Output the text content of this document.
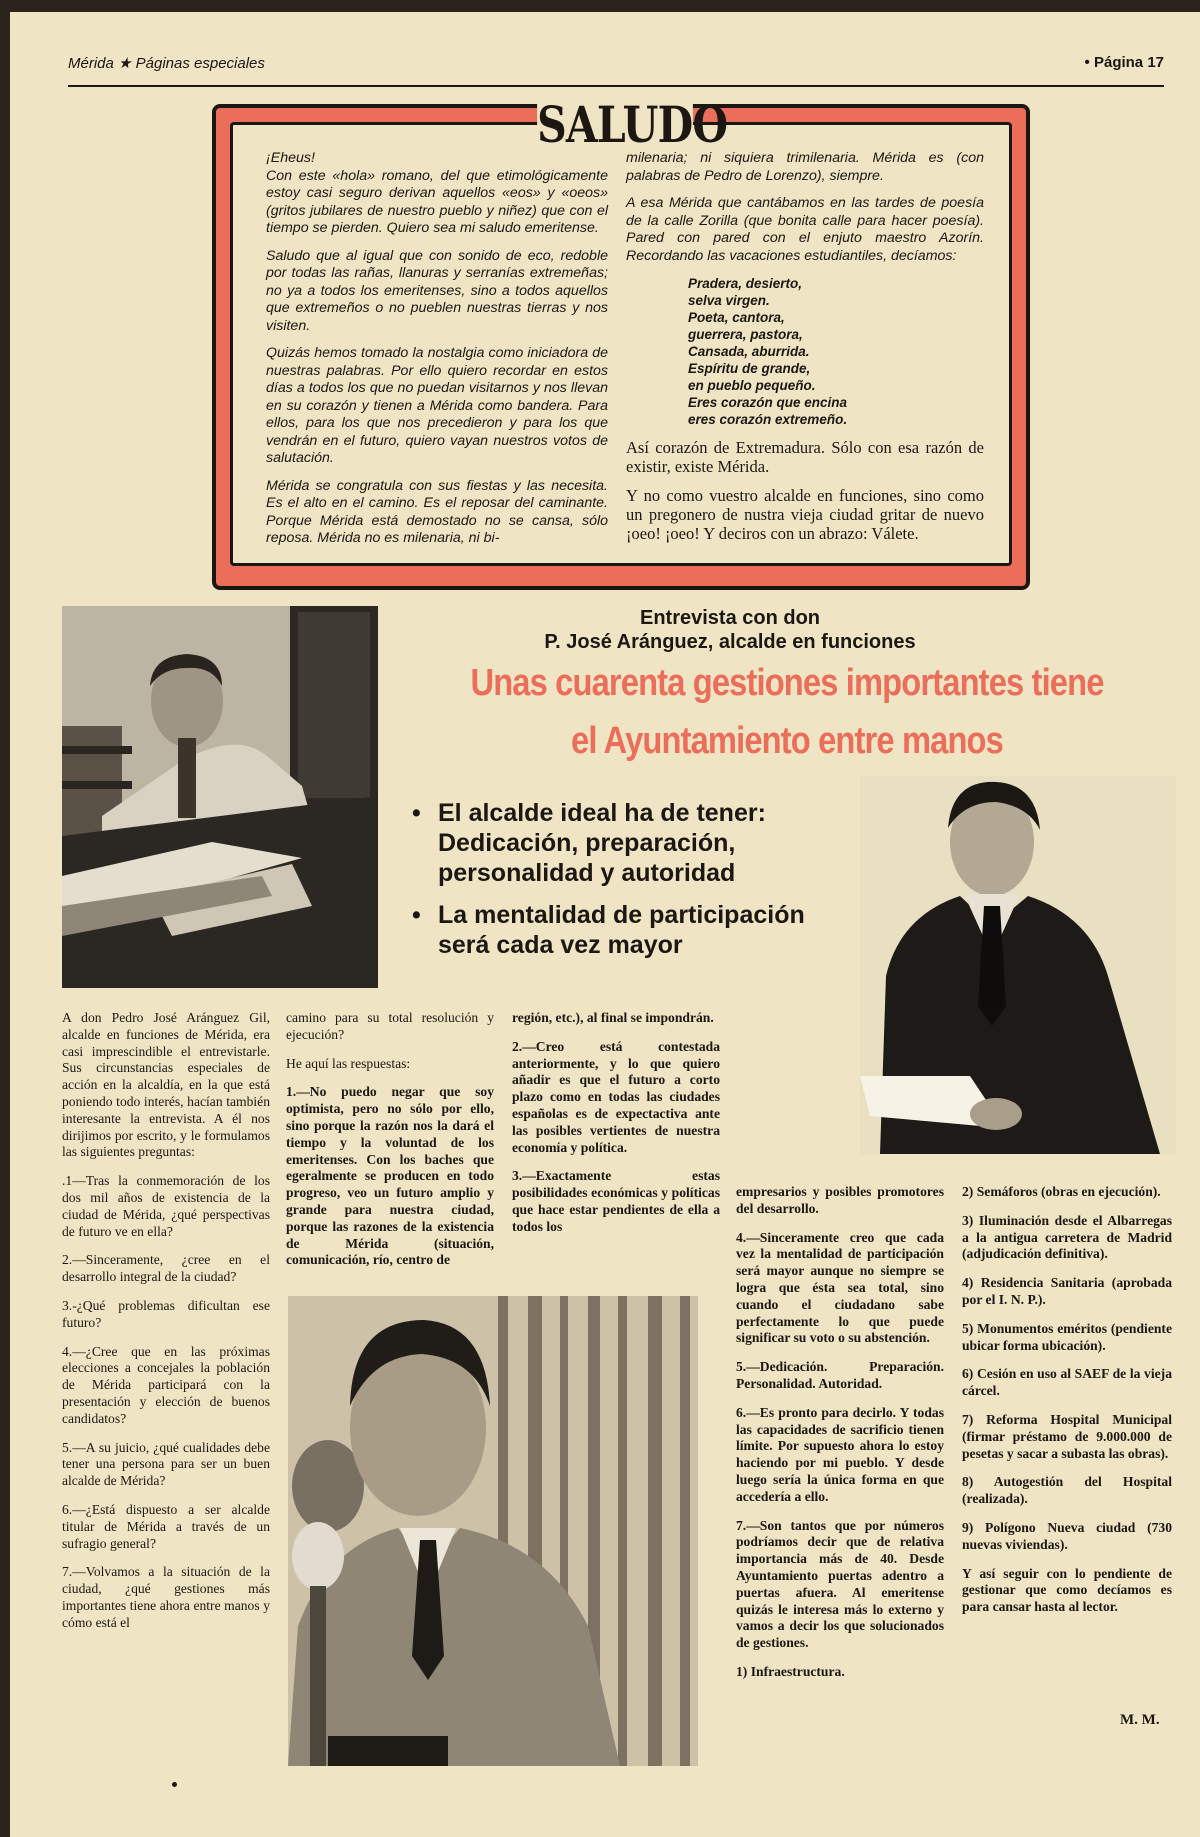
Mérida ★ Páginas especiales	• Página 17
SALUDO

¡Eheus!

Con este «hola» romano, del que etimológicamente estoy casi seguro derivan aquellos «eos» y «oeos» (gritos jubilares de nuestro pueblo y niñez) que con el tiempo se pierden. Quiero sea mi saludo emeritense.

Saludo que al igual que con sonido de eco, redoble por todas las rañas, llanuras y serranías extremeñas; no ya a todos los emeritenses, sino a todos aquellos que extremeños o no pueblen nuestras tierras y nos visiten.

Quizás hemos tomado la nostalgia como iniciadora de nuestras palabras. Por ello quiero recordar en estos días a todos los que no puedan visitarnos y nos llevan en su corazón y tienen a Mérida como bandera. Para ellos, para los que nos precedieron y para los que vendrán en el futuro, quiero vayan nuestros votos de salutación.

Mérida se congratula con sus fiestas y las necesita. Es el alto en el camino. Es el reposar del caminante. Porque Mérida está demostado no se cansa, sólo reposa. Mérida no es milenaria, ni bi-

milenaria; ni siquiera trimilenaria. Mérida es (con palabras de Pedro de Lorenzo), siempre.

A esa Mérida que cantábamos en las tardes de poesía de la calle Zorilla (que bonita calle para hacer poesía). Pared con pared con el enjuto maestro Azorín. Recordando las vacaciones estudiantiles, decíamos:

Pradera, desierto,
selva virgen.
Poeta, cantora,
guerrera, pastora,
Cansada, aburrida.
Espíritu de grande,
en pueblo pequeño.
Eres corazón que encina
eres corazón extremeño.

Así corazón de Extremadura. Sólo con esa razón de existir, existe Mérida.

Y no como vuestro alcalde en funciones, sino como un pregonero de nustra vieja ciudad gritar de nuevo ¡oeo! ¡oeo! Y deciros con un abrazo: Válete.

Entrevista con don
P. José Aránguez, alcalde en funciones
Unas cuarenta gestiones importantes tiene
el Ayuntamiento entre manos
• El alcalde ideal ha de tener: Dedicación, preparación, personalidad y autoridad
• La mentalidad de participación será cada vez mayor

A don Pedro José Aránguez Gil, alcalde en funciones de Mérida, era casi imprescindible el entrevistarle. Sus circunstancias especiales de acción en la alcaldía, en la que está poniendo todo interés, hacían también interesante la entrevista. A él nos dirijimos por escrito, y le formulamos las siguientes preguntas:

.1—Tras la conmemoración de los dos mil años de existencia de la ciudad de Mérida, ¿qué perspectivas de futuro ve en ella?

2.—Sinceramente, ¿cree en el desarrollo integral de la ciudad?

3.-¿Qué problemas dificultan ese futuro?

4.—¿Cree que en las próximas elecciones a concejales la población de Mérida participará con la presentación y elección de buenos candidatos?

5.—A su juicio, ¿qué cualidades debe tener una persona para ser un buen alcalde de Mérida?

6.—¿Está dispuesto a ser alcalde titular de Mérida a través de un sufragio general?

7.—Volvamos a la situación de la ciudad, ¿qué gestiones más importantes tiene ahora entre manos y cómo está el

camino para su total resolución y ejecución?

He aquí las respuestas:

1.—No puedo negar que soy optimista, pero no sólo por ello, sino porque la razón nos la dará el tiempo y la voluntad de los emeritenses. Con los baches que egeralmente se producen en todo progreso, veo un futuro amplio y grande para nuestra ciudad, porque las razones de la existencia de Mérida (situación, comunicación, río, centro de

región, etc.), al final se impondrán.

2.—Creo está contestada anteriormente, y lo que quiero añadir es que el futuro a corto plazo como en todas las ciudades españolas es de expectactiva ante las posibles vertientes de nuestra economía y política.

3.—Exactamente estas posibilidades económicas y políticas que hace estar pendientes de ella a todos los

empresarios y posibles promotores del desarrollo.

4.—Sinceramente creo que cada vez la mentalidad de participación será mayor aunque no siempre se logra que ésta sea total, sino cuando el ciudadano sabe perfectamente lo que puede significar su voto o su abstención.

5.—Dedicación. Preparación. Personalidad. Autoridad.

6.—Es pronto para decirlo. Y todas las capacidades de sacrificio tienen límite. Por supuesto ahora lo estoy haciendo por mi pueblo. Y desde luego sería la única forma en que accedería a ello.

7.—Son tantos que por números podríamos decir que de relativa importancia más de 40. Desde Ayuntamiento puertas adentro a puertas afuera. Al emeritense quizás le interesa más lo externo y vamos a decir los que solucionados de gestiones.

1) Infraestructura.

2) Semáforos (obras en ejecución).

3) Iluminación desde el Albarregas a la antigua carretera de Madrid (adjudicación definitiva).

4) Residencia Sanitaria (aprobada por el I. N. P.).

5) Monumentos eméritos (pendiente ubicar forma ubicación).

6) Cesión en uso al SAEF de la vieja cárcel.

7) Reforma Hospital Municipal (firmar préstamo de 9.000.000 de pesetas y sacar a subasta las obras).

8) Autogestión del Hospital (realizada).

9) Polígono Nueva ciudad (730 nuevas viviendas).

Y así seguir con lo pendiente de gestionar que como decíamos es para cansar hasta al lector.

M. M.
